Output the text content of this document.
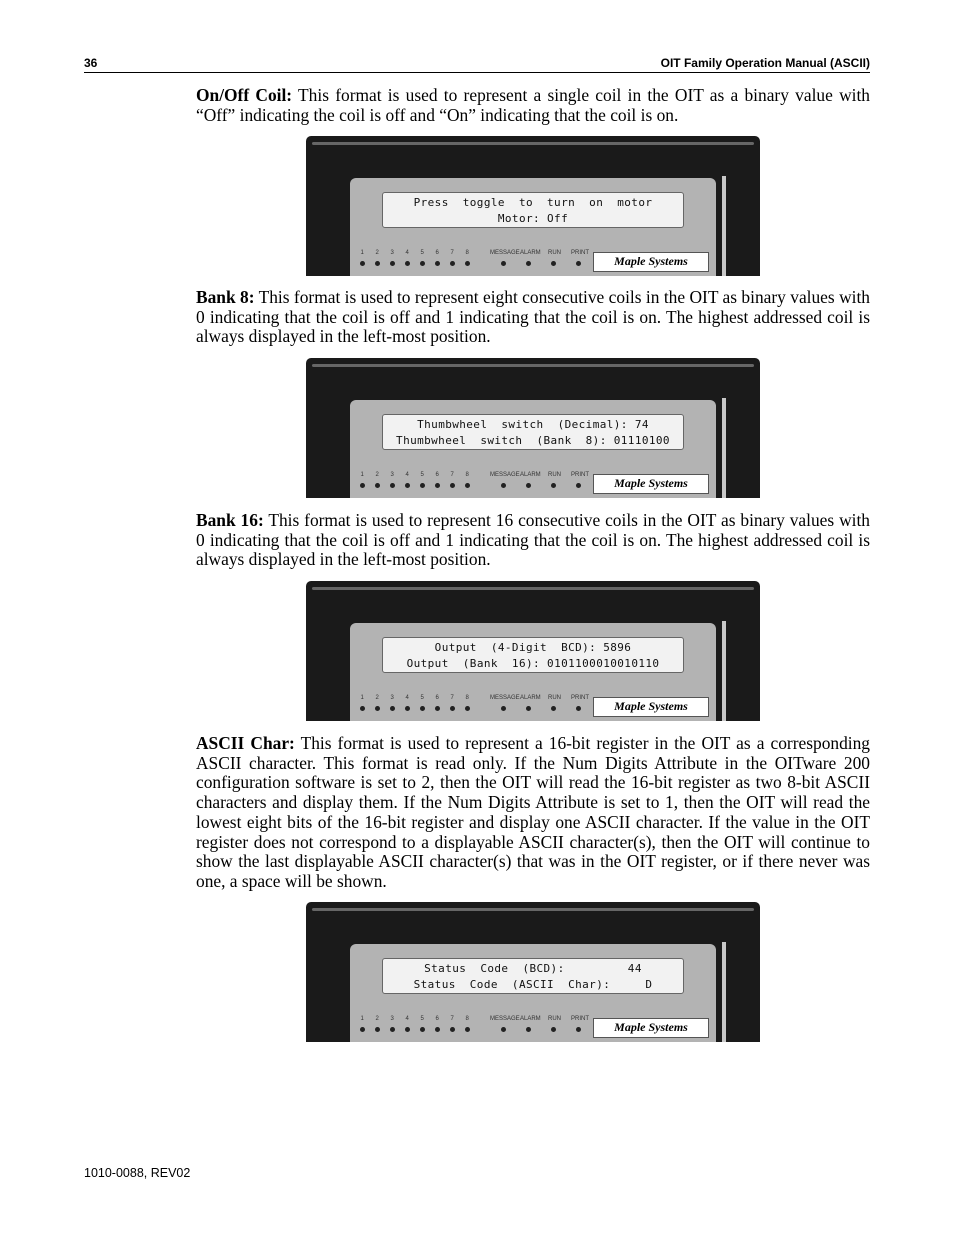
36	OIT Family Operation Manual (ASCII)

On/Off Coil: This format is used to represent a single coil in the OIT as a binary value with “Off” indicating the coil is off and “On” indicating that the coil is on.

Press  toggle  to  turn  on  motor
Motor: Off
1 2 3 4 5 6 7 8	MESSAGE ALARM RUN PRINT
Maple Systems

Bank 8: This format is used to represent eight consecutive coils in the OIT as binary values with 0 indicating that the coil is off and 1 indicating that the coil is on. The highest addressed coil is always displayed in the left-most position.

Thumbwheel  switch  (Decimal): 74
Thumbwheel  switch  (Bank  8): 01110100
1 2 3 4 5 6 7 8	MESSAGE ALARM RUN PRINT
Maple Systems

Bank 16: This format is used to represent 16 consecutive coils in the OIT as binary values with 0 indicating that the coil is off and 1 indicating that the coil is on. The highest addressed coil is always displayed in the left-most position.

Output  (4-Digit  BCD): 5896
Output  (Bank  16): 0101100010010110
1 2 3 4 5 6 7 8	MESSAGE ALARM RUN PRINT
Maple Systems

ASCII Char: This format is used to represent a 16-bit register in the OIT as a corresponding ASCII character. This format is read only. If the Num Digits Attribute in the OITware 200 configuration software is set to 2, then the OIT will read the 16-bit register as two 8-bit ASCII characters and display them. If the Num Digits Attribute is set to 1, then the OIT will read the lowest eight bits of the 16-bit register and display one ASCII character. If the value in the OIT register does not correspond to a displayable ASCII character(s), then the OIT will continue to show the last displayable ASCII character(s) that was in the OIT register, or if there never was one, a space will be shown.

Status  Code  (BCD):         44
Status  Code  (ASCII  Char):     D
1 2 3 4 5 6 7 8	MESSAGE ALARM RUN PRINT
Maple Systems
1010-0088, REV02
